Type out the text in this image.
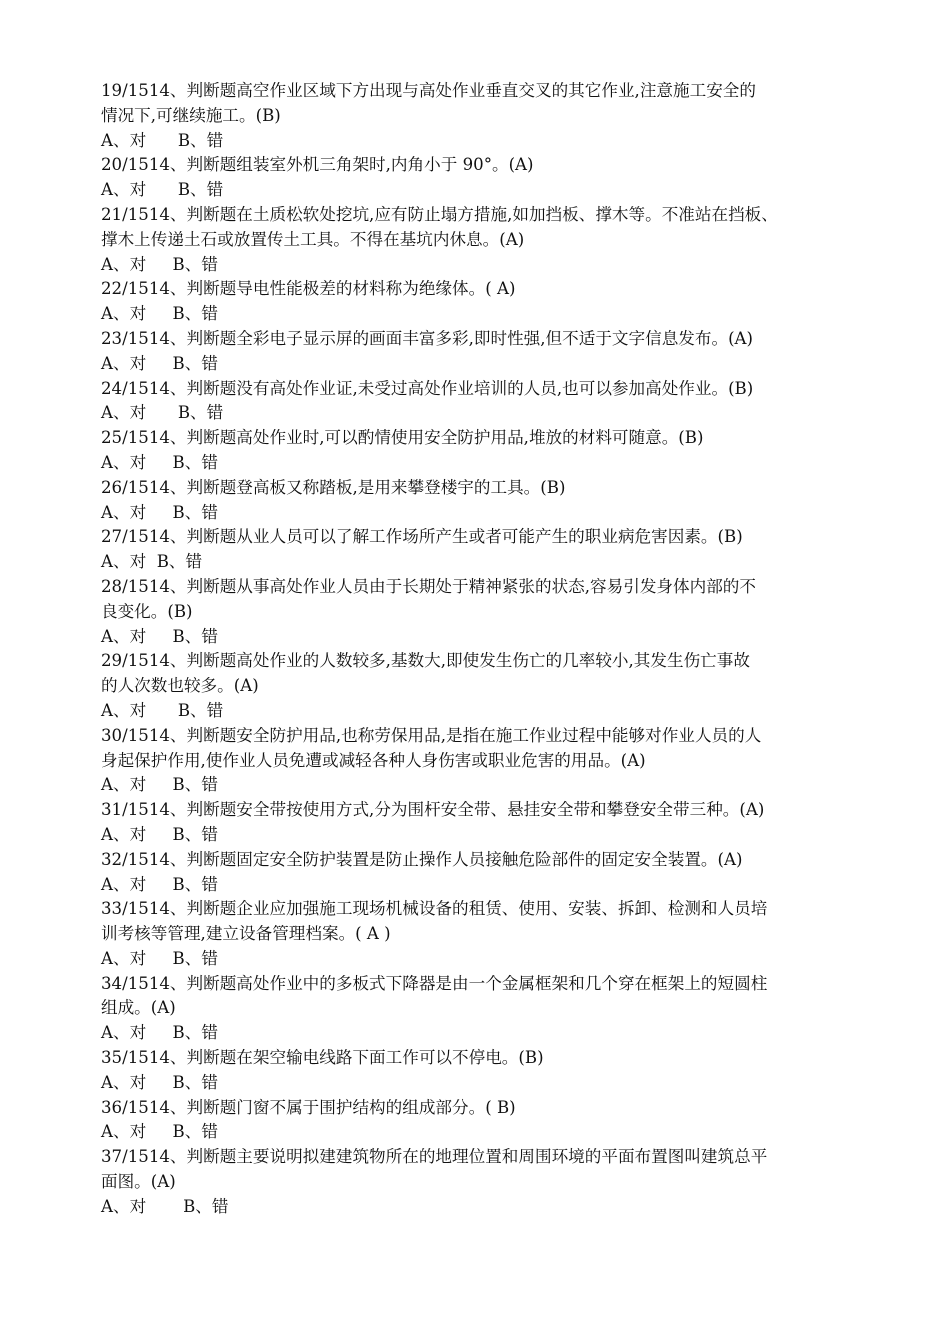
19/1514、判断题高空作业区域下方出现与高处作业垂直交叉的其它作业,注意施工安全的
情况下,可继续施工。(B)

A、对      B、错

20/1514、判断题组装室外机三角架时,内角小于 90°。(A)

A、对      B、错

21/1514、判断题在土质松软处挖坑,应有防止塌方措施,如加挡板、撑木等。不准站在挡板、
撑木上传递土石或放置传土工具。不得在基坑内休息。(A)

A、对     B、错

22/1514、判断题导电性能极差的材料称为绝缘体。( A)

A、对     B、错

23/1514、判断题全彩电子显示屏的画面丰富多彩,即时性强,但不适于文字信息发布。(A)

A、对     B、错

24/1514、判断题没有高处作业证,未受过高处作业培训的人员,也可以参加高处作业。(B)

A、对      B、错

25/1514、判断题高处作业时,可以酌情使用安全防护用品,堆放的材料可随意。(B)

A、对     B、错

26/1514、判断题登高板又称踏板,是用来攀登楼宇的工具。(B)

A、对     B、错

27/1514、判断题从业人员可以了解工作场所产生或者可能产生的职业病危害因素。(B)

A、对  B、错

28/1514、判断题从事高处作业人员由于长期处于精神紧张的状态,容易引发身体内部的不
良变化。(B)

A、对     B、错

29/1514、判断题高处作业的人数较多,基数大,即使发生伤亡的几率较小,其发生伤亡事故
的人次数也较多。(A)

A、对      B、错

30/1514、判断题安全防护用品,也称劳保用品,是指在施工作业过程中能够对作业人员的人
身起保护作用,使作业人员免遭或减轻各种人身伤害或职业危害的用品。(A)

A、对     B、错

31/1514、判断题安全带按使用方式,分为围杆安全带、悬挂安全带和攀登安全带三种。(A)

A、对     B、错

32/1514、判断题固定安全防护装置是防止操作人员接触危险部件的固定安全装置。(A)

A、对     B、错

33/1514、判断题企业应加强施工现场机械设备的租赁、使用、安装、拆卸、检测和人员培
训考核等管理,建立设备管理档案。( A )

A、对     B、错

34/1514、判断题高处作业中的多板式下降器是由一个金属框架和几个穿在框架上的短圆柱
组成。(A)

A、对     B、错

35/1514、判断题在架空输电线路下面工作可以不停电。(B)

A、对     B、错

36/1514、判断题门窗不属于围护结构的组成部分。( B)

A、对     B、错

37/1514、判断题主要说明拟建建筑物所在的地理位置和周围环境的平面布置图叫建筑总平
面图。(A)

A、对       B、错
